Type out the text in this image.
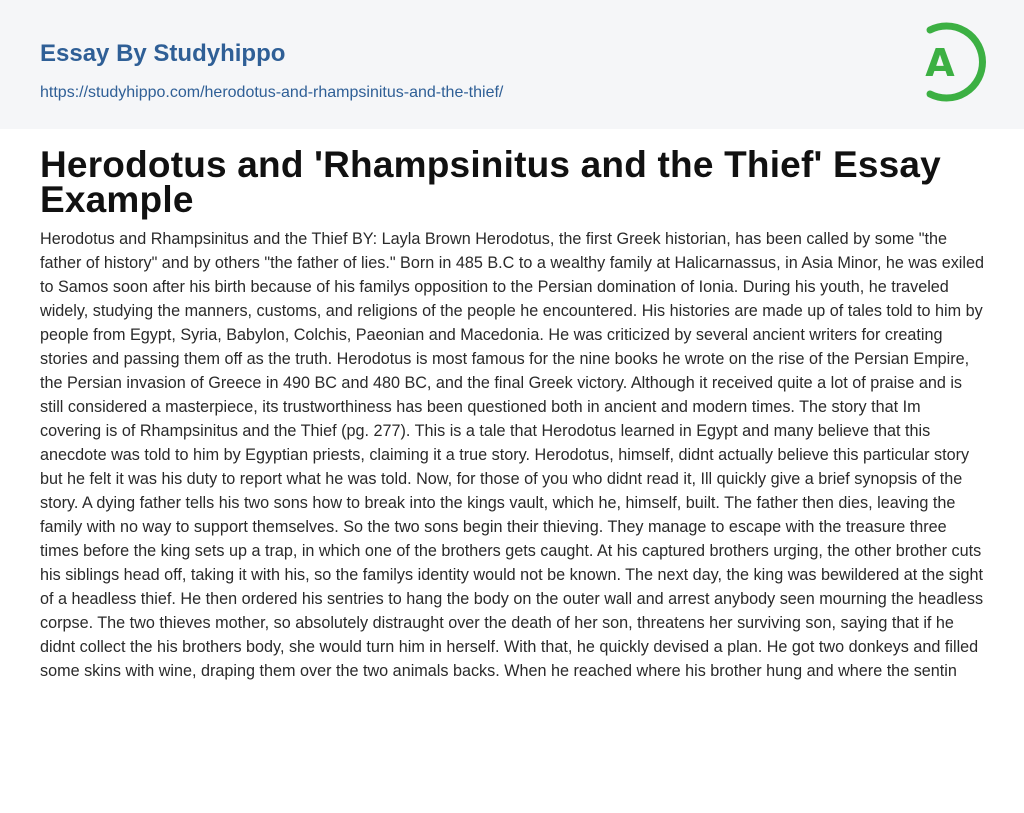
Essay By Studyhippo
https://studyhippo.com/herodotus-and-rhampsinitus-and-the-thief/
A
Herodotus and 'Rhampsinitus and the Thief' Essay Example

Herodotus and Rhampsinitus and the Thief BY: Layla Brown Herodotus, the first Greek historian, has been called by some "the father of history" and by others "the father of lies." Born in 485 B.C to a wealthy family at Halicarnassus, in Asia Minor, he was exiled to Samos soon after his birth because of his familys opposition to the Persian domination of Ionia. During his youth, he traveled widely, studying the manners, customs, and religions of the people he encountered. His histories are made up of tales told to him by people from Egypt, Syria, Babylon, Colchis, Paeonian and Macedonia. He was criticized by several ancient writers for creating stories and passing them off as the truth. Herodotus is most famous for the nine books he wrote on the rise of the Persian Empire, the Persian invasion of Greece in 490 BC and 480 BC, and the final Greek victory. Although it received quite a lot of praise and is still considered a masterpiece, its trustworthiness has been questioned both in ancient and modern times. The story that Im covering is of Rhampsinitus and the Thief (pg. 277). This is a tale that Herodotus learned in Egypt and many believe that this anecdote was told to him by Egyptian priests, claiming it a true story. Herodotus, himself, didnt actually believe this particular story but he felt it was his duty to report what he was told. Now, for those of you who didnt read it, Ill quickly give a brief synopsis of the story. A dying father tells his two sons how to break into the kings vault, which he, himself, built. The father then dies, leaving the family with no way to support themselves. So the two sons begin their thieving. They manage to escape with the treasure three times before the king sets up a trap, in which one of the brothers gets caught. At his captured brothers urging, the other brother cuts his siblings head off, taking it with his, so the familys identity would not be known. The next day, the king was bewildered at the sight of a headless thief. He then ordered his sentries to hang the body on the outer wall and arrest anybody seen mourning the headless corpse. The two thieves mother, so absolutely distraught over the death of her son, threatens her surviving son, saying that if he didnt collect the his brothers body, she would turn him in herself. With that, he quickly devised a plan. He got two donkeys and filled some skins with wine, draping them over the two animals backs. When he reached where his brother hung and where the sentin
